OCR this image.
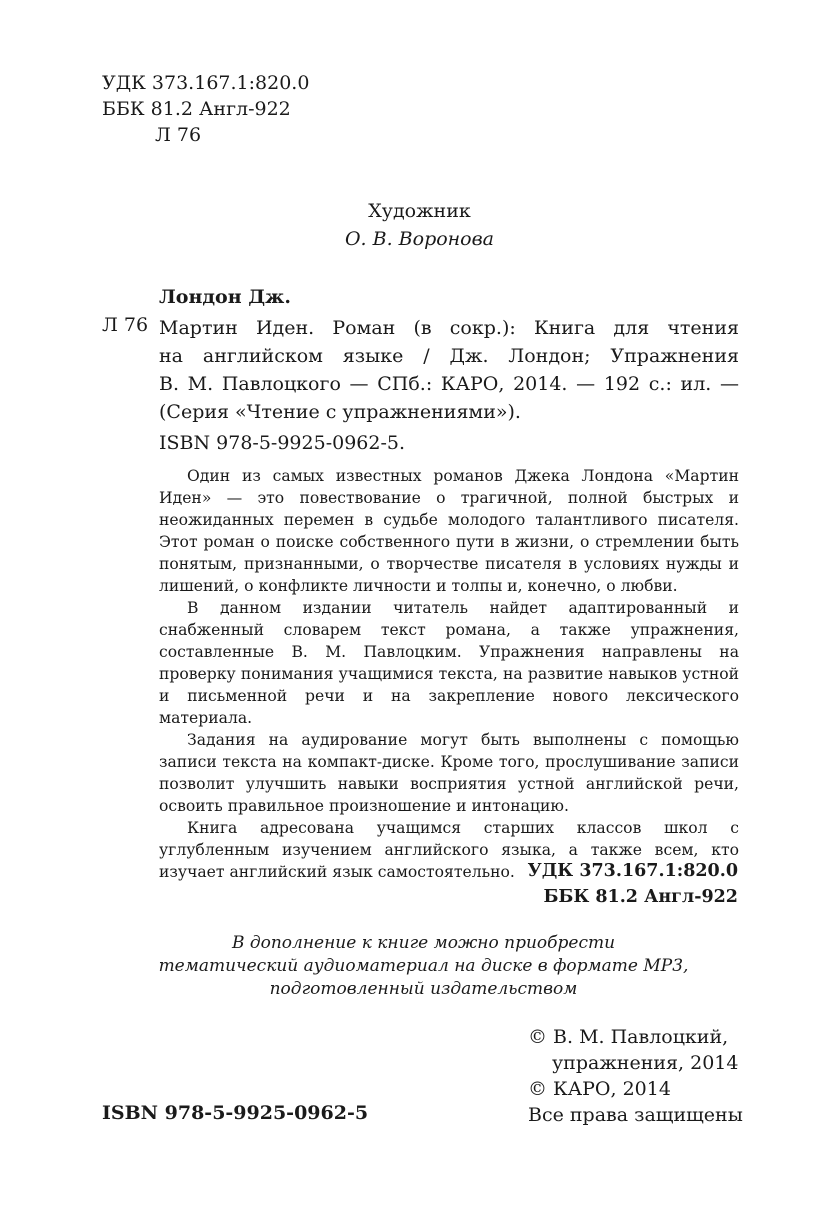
УДК 373.167.1:820.0
ББК 81.2 Англ-922
Л 76
Художник
О. В. Воронова
Лондон Дж.
Л 76 Мартин Иден. Роман (в сокр.): Книга для чтения
на английском языке / Дж. Лондон; Упражнения
В. М. Павлоцкого — СПб.: КАРО, 2014. — 192 с.: ил. —
(Серия «Чтение с упражнениями»).
ISBN 978-5-9925-0962-5.

Один из самых известных романов Джека Лондона «Мартин Иден» — это повествование о трагичной, полной быстрых и неожиданных перемен в судьбе молодого талантливого писателя. Этот роман о поиске собственного пути в жизни, о стремлении быть понятым, признанными, о творчестве писателя в условиях нужды и лишений, о конфликте личности и толпы и, конечно, о любви.

В данном издании читатель найдет адаптированный и снабженный словарем текст романа, а также упражнения, составленные В. М. Павлоцким. Упражнения направлены на проверку понимания учащимися текста, на развитие навыков устной и письменной речи и на закрепление нового лексического материала.

Задания на аудирование могут быть выполнены с помощью записи текста на компакт-диске. Кроме того, прослушивание записи позволит улучшить навыки восприятия устной английской речи, освоить правильное произношение и интонацию.

Книга адресована учащимся старших классов школ с углубленным изучением английского языка, а также всем, кто изучает английский язык самостоятельно. УДК 373.167.1:820.0
ББК 81.2 Англ-922
В дополнение к книге можно приобрести
тематический аудиоматериал на диске в формате MP3,
подготовленный издательством
© В. М. Павлоцкий,
упражнения, 2014
© КАРО, 2014
Все права защищены
ISBN 978-5-9925-0962-5
